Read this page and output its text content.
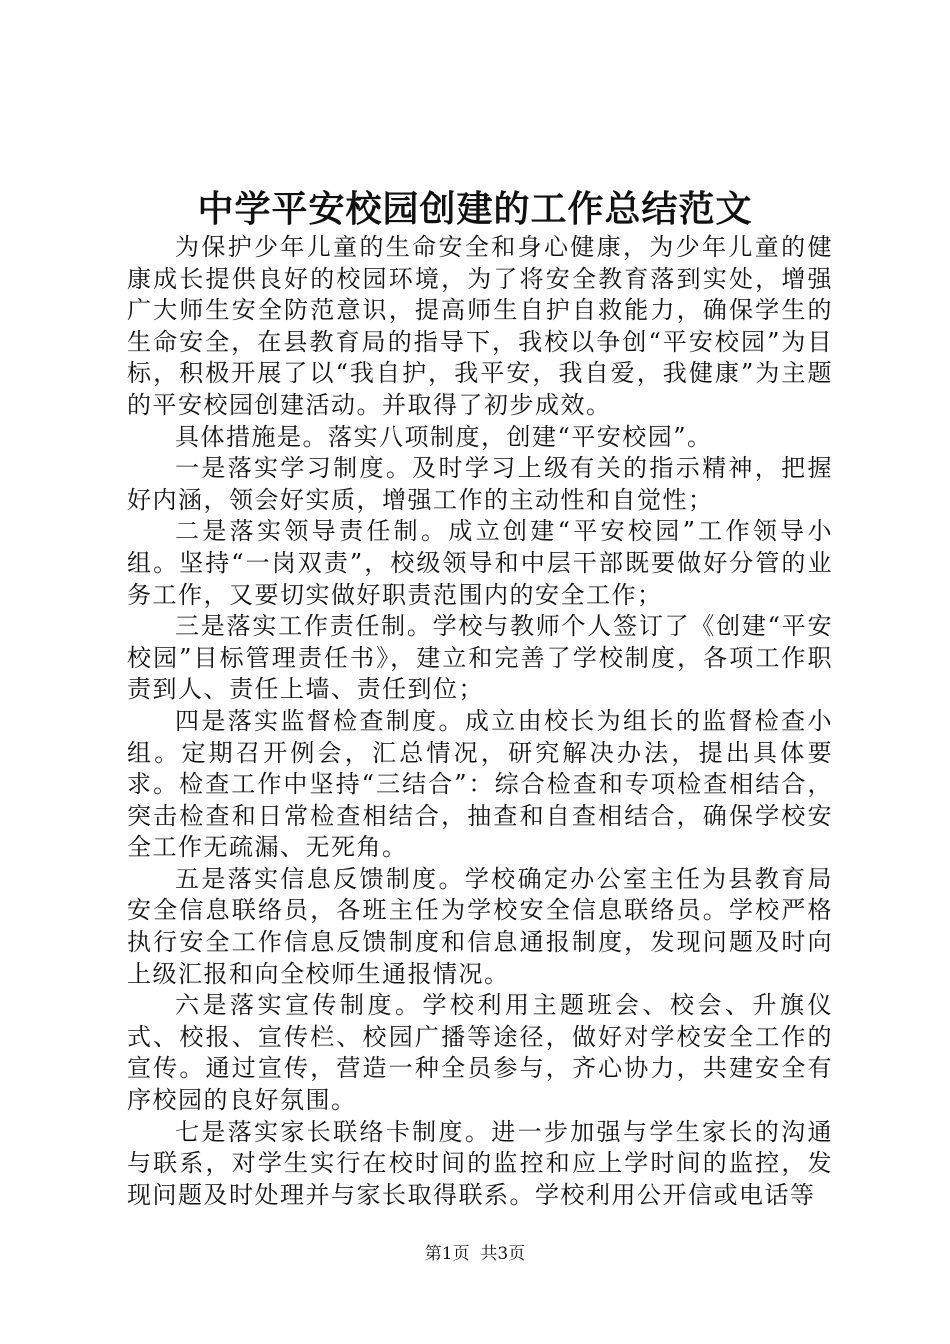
中学平安校园创建的工作总结范文

为保护少年儿童的生命安全和身心健康，为少年儿童的健康成长提供良好的校园环境，为了将安全教育落到实处，增强广大师生安全防范意识，提高师生自护自救能力，确保学生的生命安全，在县教育局的指导下，我校以争创“平安校园”为目标，积极开展了以“我自护，我平安，我自爱，我健康”为主题的平安校园创建活动。并取得了初步成效。

具体措施是。落实八项制度，创建“平安校园”。

一是落实学习制度。及时学习上级有关的指示精神，把握好内涵，领会好实质，增强工作的主动性和自觉性；

二是落实领导责任制。成立创建“平安校园”工作领导小组。坚持“一岗双责”，校级领导和中层干部既要做好分管的业务工作，又要切实做好职责范围内的安全工作；

三是落实工作责任制。学校与教师个人签订了《创建“平安校园”目标管理责任书》，建立和完善了学校制度，各项工作职责到人、责任上墙、责任到位；

四是落实监督检查制度。成立由校长为组长的监督检查小组。定期召开例会，汇总情况，研究解决办法，提出具体要求。检查工作中坚持“三结合”：综合检查和专项检查相结合，突击检查和日常检查相结合，抽查和自查相结合，确保学校安全工作无疏漏、无死角。

五是落实信息反馈制度。学校确定办公室主任为县教育局安全信息联络员，各班主任为学校安全信息联络员。学校严格执行安全工作信息反馈制度和信息通报制度，发现问题及时向上级汇报和向全校师生通报情况。

六是落实宣传制度。学校利用主题班会、校会、升旗仪式、校报、宣传栏、校园广播等途径，做好对学校安全工作的宣传。通过宣传，营造一种全员参与，齐心协力，共建安全有序校园的良好氛围。

七是落实家长联络卡制度。进一步加强与学生家长的沟通与联系，对学生实行在校时间的监控和应上学时间的监控，发现问题及时处理并与家长取得联系。学校利用公开信或电话等

第1页 共3页
